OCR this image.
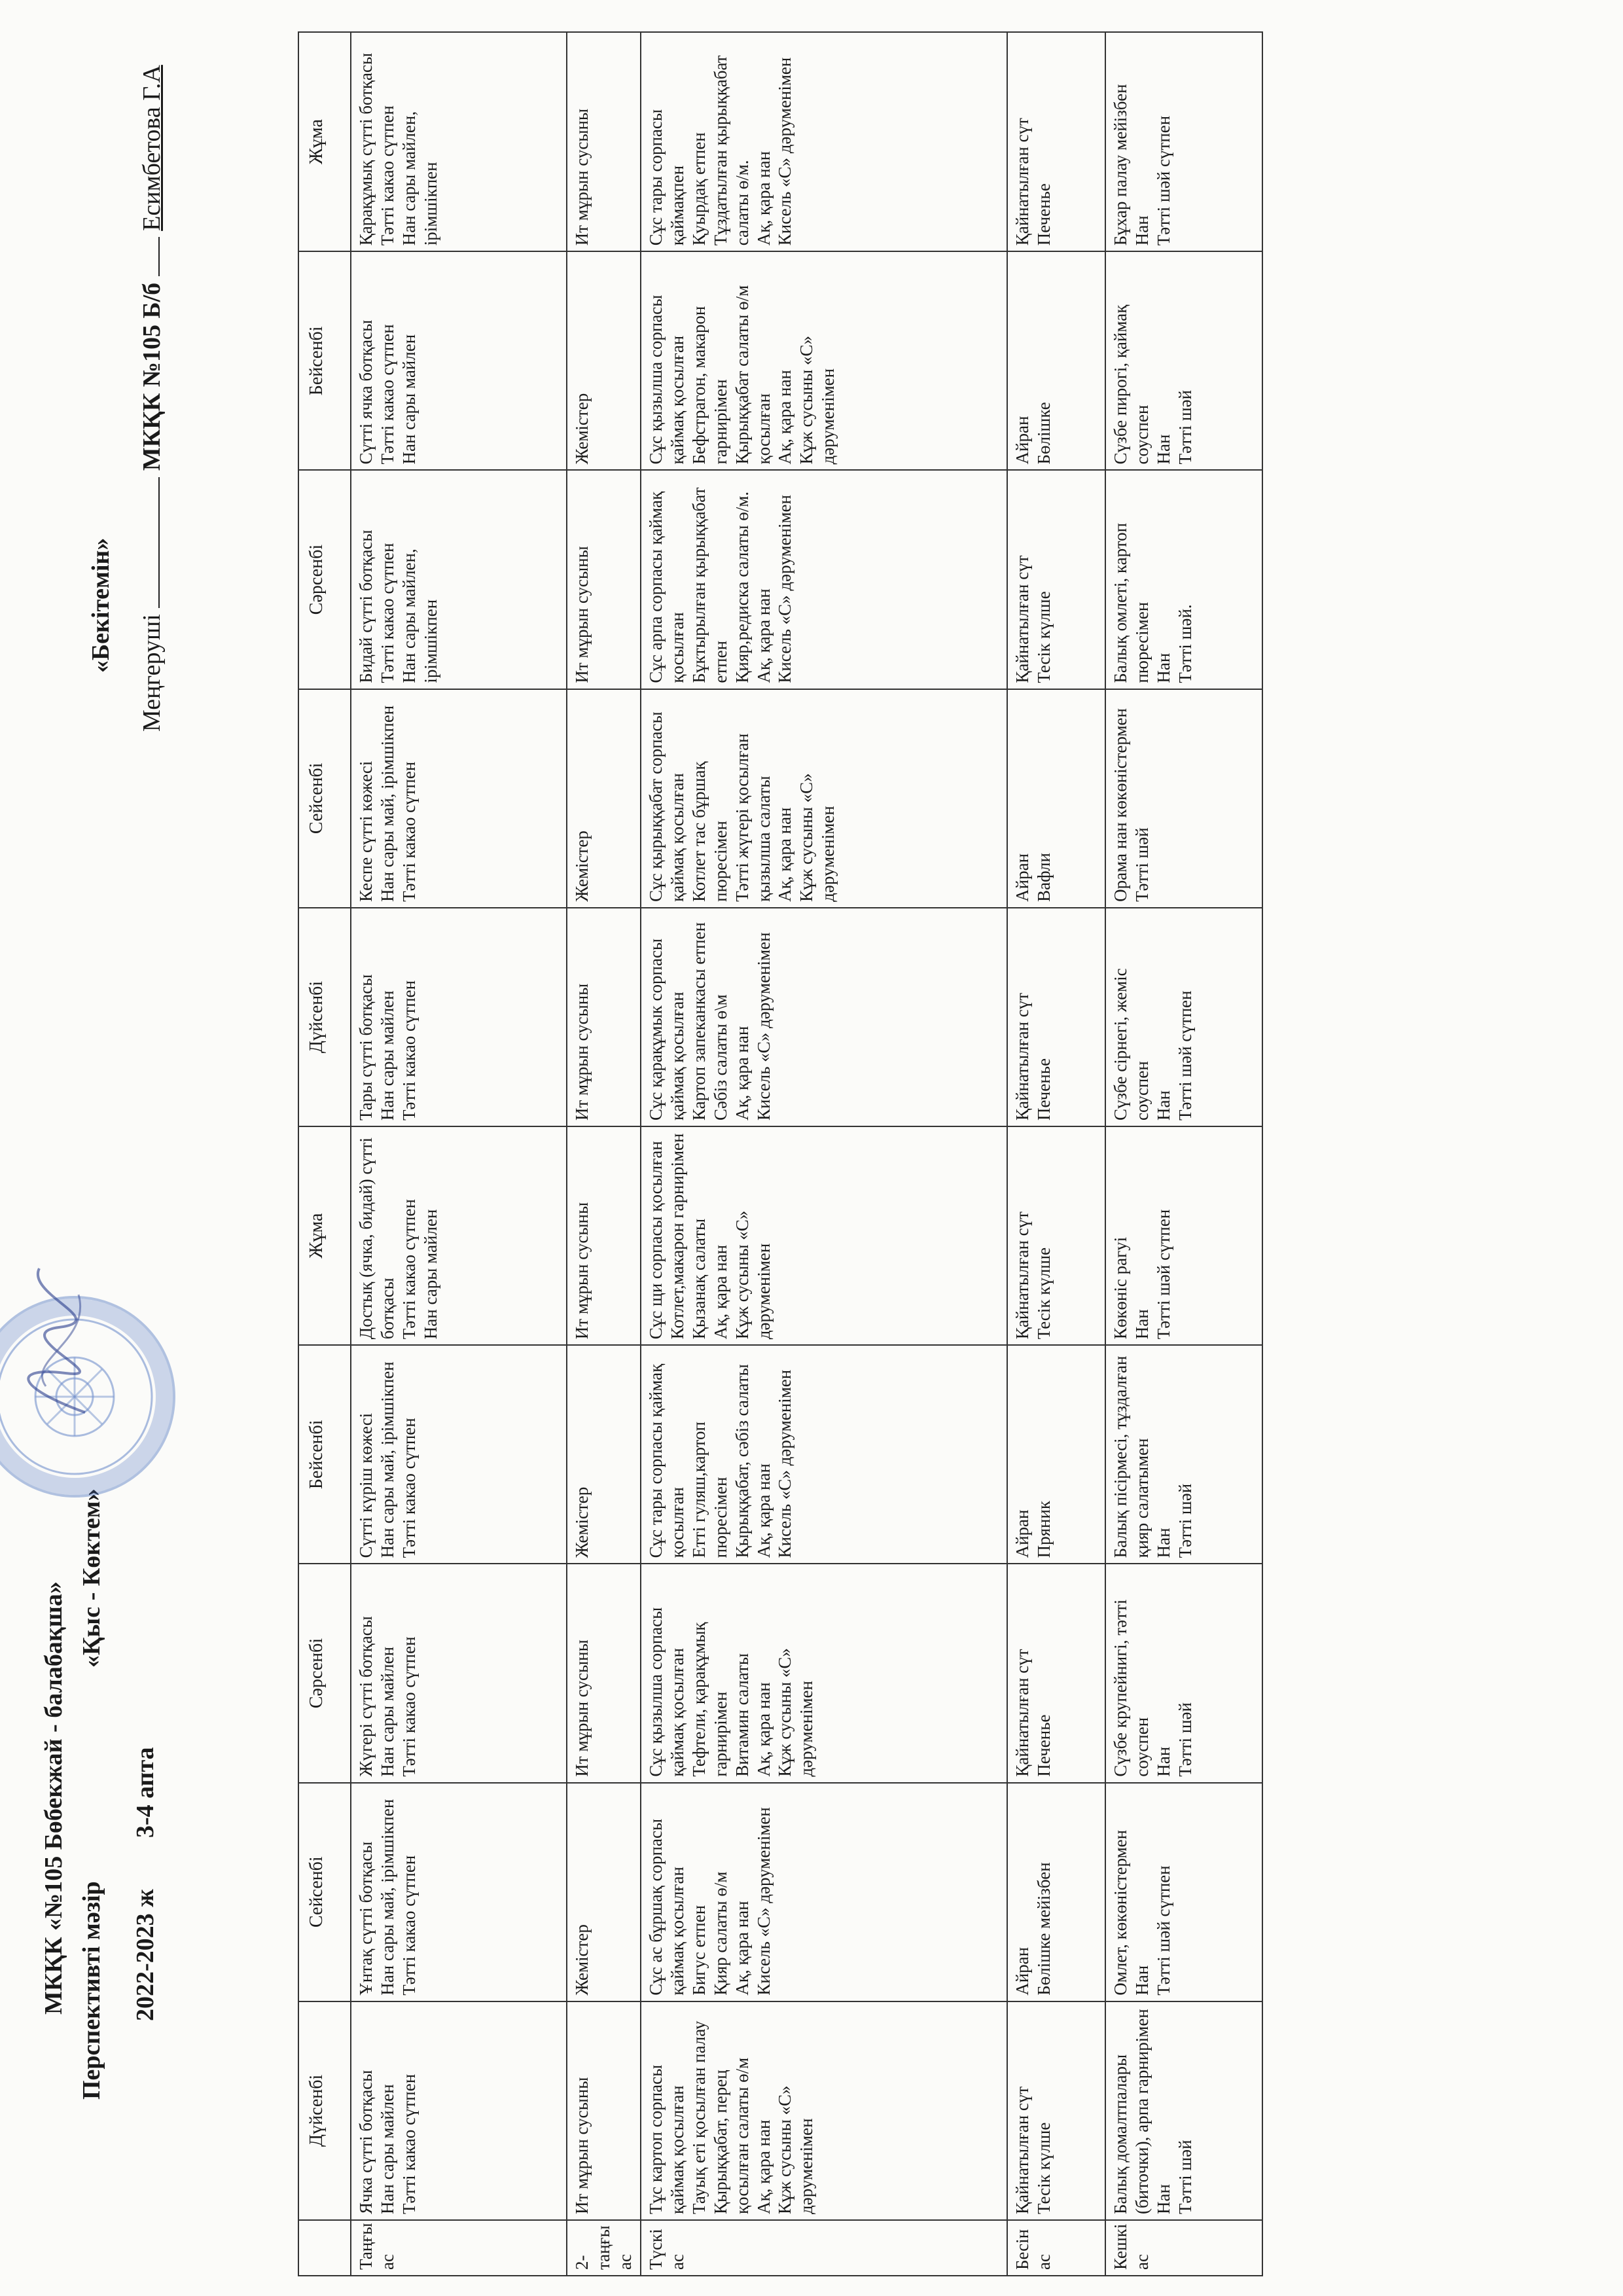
МКҚК «№105 Бөбекжай - балабақша» Перспективті мәзір
«Қыс - Көктем»
2022-2023 ж
3-4 апта
«Бекітемін»
Меңгеруші  МКҚК №105 Б/б  Есимбетова Г.А
	Дүйсенбі	Сейсенбі	Сәрсенбі	Бейсенбі	Жұма	Дүйсенбі	Сейсенбі	Сәрсенбі	Бейсенбі	Жұма
Таңғы ас	Ячка сүтті ботқасы Нан сары майлен Тәтті какао сүтпен	Ұнтақ сүтті ботқасы Нан сары май, ірімшікпен Тәтті какао сүтпен	Жүгері сүтті ботқасы Нан сары майлен Тәтті какао сүтпен	Сүтті күріш көжесі Нан сары май, ірімшікпен Тәтті какао сүтпен	Достық (ячка, бидай) сүтті ботқасы Тәтті какао сүтпен Нан сары майлен	Тары сүтті ботқасы Нан сары майлен Тәтті какао сүтпен	Кеспе сүтті көжесі Нан сары май, ірімшікпен Тәтті какао сүтпен	Бидай сүтті ботқасы Тәтті какао сүтпен Нан сары майлен, ірімшікпен	Сүтті ячка ботқасы Тәтті какао сүтпен Нан сары майлен	Қарақұмық сүтті ботқасы Тәтті какао сүтпен Нан сары майлен, ірімшікпен

2-таңғы ас	Ит мұрын сусыны	Жемістер	Ит мұрын сусыны	Жемістер	Ит мұрын сусыны	Ит мұрын сусыны	Жемістер	Ит мұрын сусыны	Жемістер	Ит мұрын сусыны

Түскі ас	Тұс картоп сорпасы қаймақ қосылған Тауық еті қосылған палау Қырыққабат, перец қосылған салаты ө/м Ақ, қара нан Кұж сусыны «С» дәруменімен	Сұс ас бұршақ сорпасы қаймақ қосылған Бигус етпен Қияр салаты ө/м Ақ, қара нан Кисель «С» дәруменімен	Сұс қызылша сорпасы қаймақ қосылған Тефтели, қарақұмық гарнирімен Витамин салаты Ақ, қара нан Кұж сусыны «С» дәруменімен	Сұс тары сорпасы қаймақ қосылған Етті гуляш,картоп пюресімен Қырыққабат, сәбіз салаты Ақ, қара нан Кисель «С» дәруменімен	Сұс щи сорпасы қосылған Котлет,макарон гарнирімен Қызанақ салаты Ақ, қара нан Кұж сусыны «С» дәруменімен	Сұс қарақұмык сорпасы қаймақ қосылған Картоп запеканкасы етпен Сәбіз салаты ө\м Ақ, қара нан Кисель «С» дәруменімен	Сұс қырыққабат сорпасы қаймақ қосылған Котлет тас бұршақ пюресімен Тәтті жүгері қосылған қызылша салаты Ақ, қара нан Кұж сусыны «С» дәруменімен	Сұс арпа сорпасы қаймақ қосылған Бұктырылған қырыққабат етпен Қияр,редиска салаты ө/м. Ақ, қара нан Кисель «С» дәруменімен	Сұс қызылша сорпасы қаймақ қосылған Бефстрагон, макарон гарнирімен Қырыққабат салаты ө/м қосылған Ақ, қара нан Кұж сусыны «С» дәруменімен	Сұс тары сорпасы қаймақпен Қуырдақ етпен Тұздатылған қырыққабат салаты ө/м. Ақ, қара нан Кисель «С» дәруменімен

Бесін ас	Қайнатылған сүт Тесік күлше	Айран Бөлішке мейізбен	Қайнатылған сүт Печенье	Айран Пряник	Қайнатылған сүт Тесік күлше	Қайнатылған сүт Печенье	Айран Вафли	Қайнатылған сүт Тесік күлше	Айран Бөлішке	Қайнатылған сүт Печенье

Кешкі ас	Балық домалтпалары (биточки), арпа гарнирімен Нан Тәтті шәй	Омлет, көкөністермен Нан Тәтті шәй сүтпен	Сүзбе крупейнигі, тәтті соуспен Нан Тәтті шәй	Балық пісірмесі, тұздалған қияр салатымен Нан Тәтті шәй	Көкөніс рагуі Нан Тәтті шәй сүтпен	Сүзбе сірнегі, жеміс соуспен Нан Тәтті шәй сүтпен	Орама нан көкөністермен Тәтті шәй	Балық омлеті, картоп пюресімен Нан Тәтті шәй.	Сүзбе пирогі, қаймақ соуспен Нан Тәтті шәй	Бұхар палау мейізбен Нан Тәтті шәй сүтпен
